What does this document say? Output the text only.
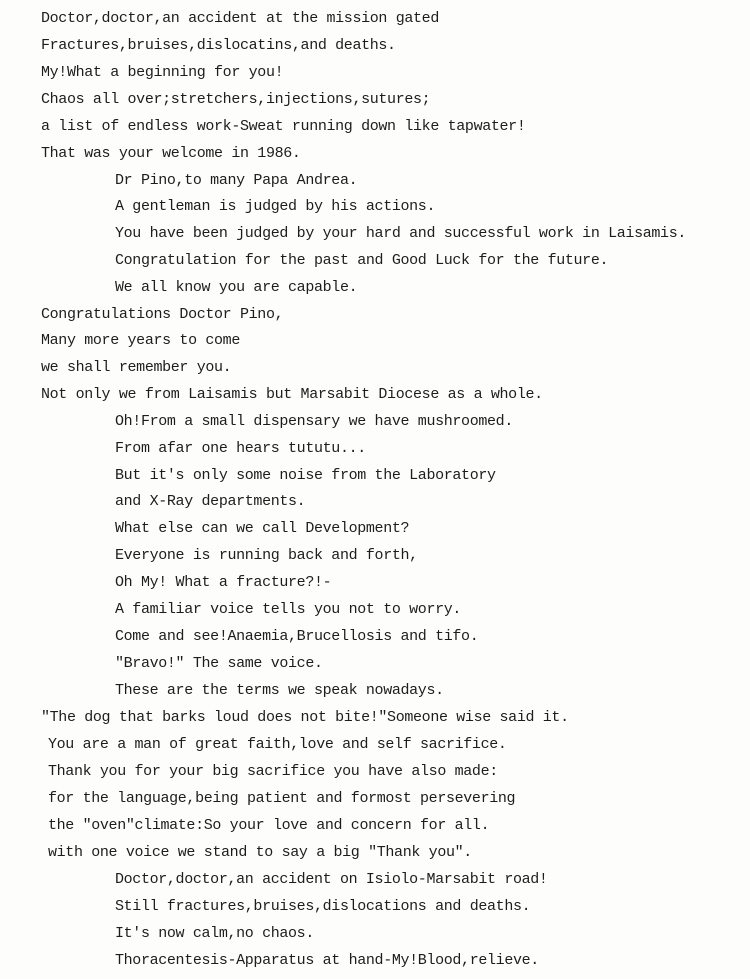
Doctor,doctor,an accident at the mission gated
Fractures,bruises,dislocatins,and deaths.
My!What a beginning for you!
Chaos all over;stretchers,injections,sutures;
a list of endless work-Sweat running down like tapwater!
That was your welcome in 1986.
Dr Pino,to many Papa Andrea.
A gentleman is judged by his actions.
You have been judged by your hard and successful work in Laisamis.
Congratulation for the past and Good Luck for the future.
We all know you are capable.
Congratulations Doctor Pino,
Many more years to come
we shall remember you.
Not only we from Laisamis but Marsabit Diocese as a whole.
Oh!From a small dispensary we have mushroomed.
From afar one hears tututu...
But it's only some noise from the Laboratory
and X-Ray departments.
What else can we call Development?
Everyone is running back and forth,
Oh My! What a fracture?!-
A familiar voice tells you not to worry.
Come and see!Anaemia,Brucellosis and tifo.
"Bravo!" The same voice.
These are the terms we speak nowadays.
"The dog that barks loud does not bite!"Someone wise said it.
You are a man of great faith,love and self sacrifice.
Thank you for your big sacrifice you have also made:
for the language,being patient and formost persevering
the "oven"climate:So your love and concern for all.
with one voice we stand to say a big "Thank you".
Doctor,doctor,an accident on Isiolo-Marsabit road!
Still fractures,bruises,dislocations and deaths.
It's now calm,no chaos.
Thoracentesis-Apparatus at hand-My!Blood,relieve.
